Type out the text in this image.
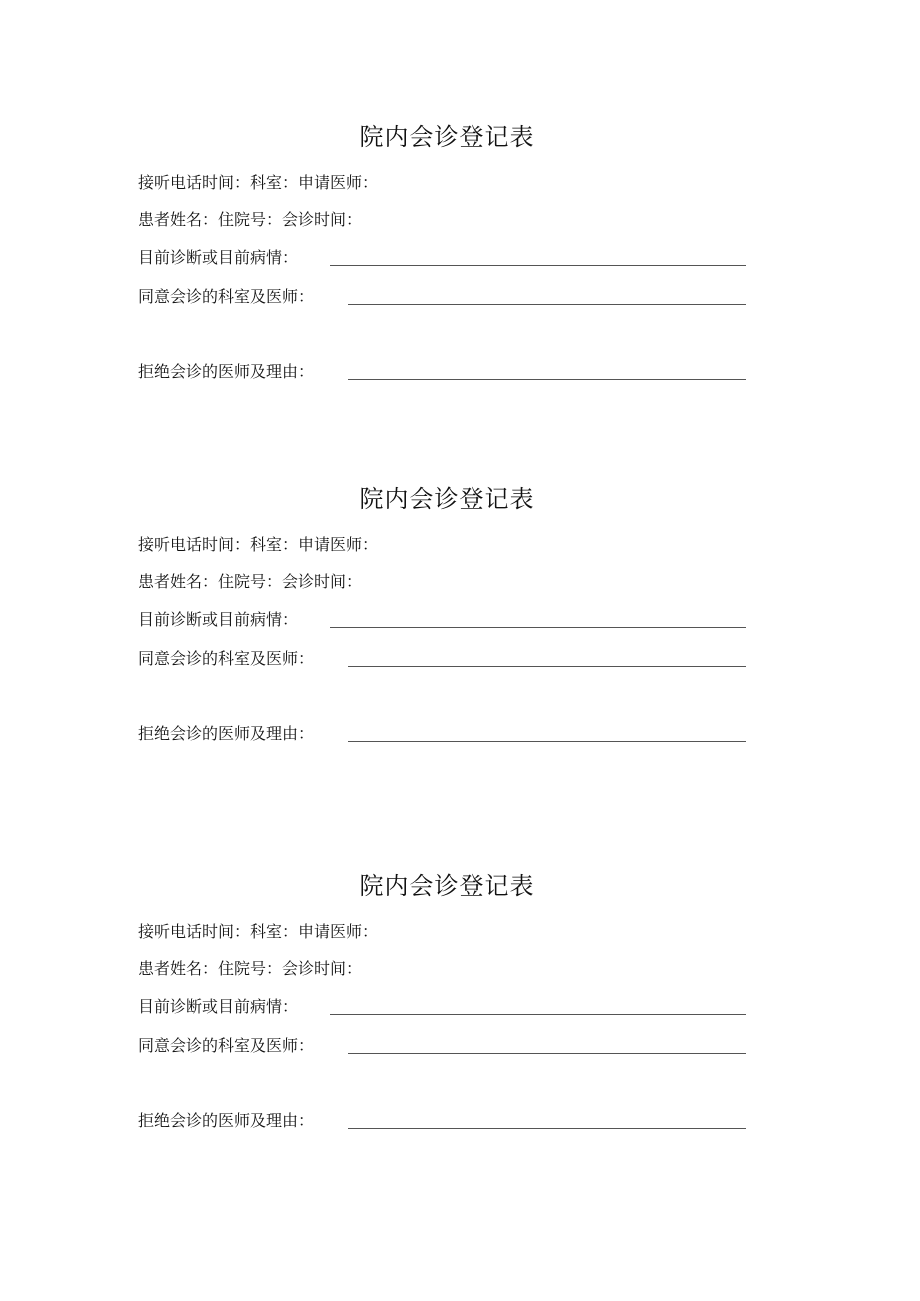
院内会诊登记表
接听电话时间：科室：申请医师：
患者姓名：住院号：会诊时间：
目前诊断或目前病情：
同意会诊的科室及医师：
拒绝会诊的医师及理由：
院内会诊登记表
接听电话时间：科室：申请医师：
患者姓名：住院号：会诊时间：
目前诊断或目前病情：
同意会诊的科室及医师：
拒绝会诊的医师及理由：
院内会诊登记表
接听电话时间：科室：申请医师：
患者姓名：住院号：会诊时间：
目前诊断或目前病情：
同意会诊的科室及医师：
拒绝会诊的医师及理由：
